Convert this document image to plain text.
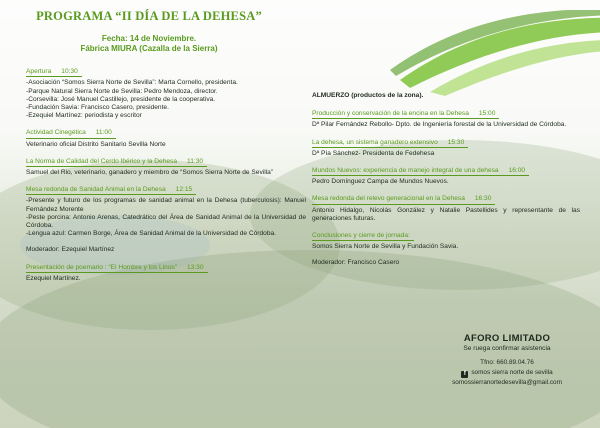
PROGRAMA “II DÍA DE LA DEHESA”
Fecha: 14 de Noviembre.
Fábrica MIURA (Cazalla de la Sierra)
Apertura 10:30

-Asociación “Somos Sierra Norte de Sevilla”: Marta Cornello, presidenta.

-Parque Natural Sierra Norte de Sevilla: Pedro Mendoza, director.

-Corsevilla: José Manuel Castillejo, presidente de la cooperativa.

-Fundación Savia: Francisco Casero, presidente.

-Ezequiel Martínez: periodista y escritor

Actividad Cinegética 11:00

Veterinario oficial Distrito Sanitario Sevilla Norte

La Norma de Calidad del Cerdo Ibérico y la Dehesa 11:30

Samuel del Rio, veterinario, ganadero y miembro de “Somos Sierra Norte de Sevilla”

Mesa redonda de Sanidad Animal en la Dehesa 12:15

-Presente y futuro de los programas de sanidad animal en la Dehesa (tuberculosis): Manuel Fernández Morente

-Peste porcina: Antonio Arenas, Catedrático del Área de Sanidad Animal de la Universidad de Córdoba.

-Lengua azul: Carmen Borge, Área de Sanidad Animal de la Universidad de Córdoba.

Moderador: Ezequiel Martínez

Presentación de poemario : “El Hombre y los Linos” 13:30

Ezequiel Martínez.

ALMUERZO (productos de la zona).
Producción y conservación de la encina en la Dehesa 15:00

Dª Pilar Fernández Rebollo- Dpto. de Ingeniería forestal de la Universidad de Córdoba.

La dehesa, un sistema ganadero extensivo 15:30

Dª Pía Sánchez- Presidenta de Fedehesa

Mundos Nuevos: experiencia de manejo integral de una dehesa 16:00

Pedro Domínguez Campa de Mundos Nuevos.

Mesa redonda del relevo generacional en la Dehesa 16:30

Antonio Hidalgo, Nicolás González y Natalie Pastellides y representante de las generaciones futuras.

Conclusiones y cierre de jornada:

Somos Sierra Norte de Sevilla y Fundación Savia.

Moderador: Francisco Casero

AFORO LIMITADO
Se ruega confirmar asistencia
Tfno: 660.89.04.76
f somos sierra norte de sevilla
somossierranortedesevilla@gmail.com
